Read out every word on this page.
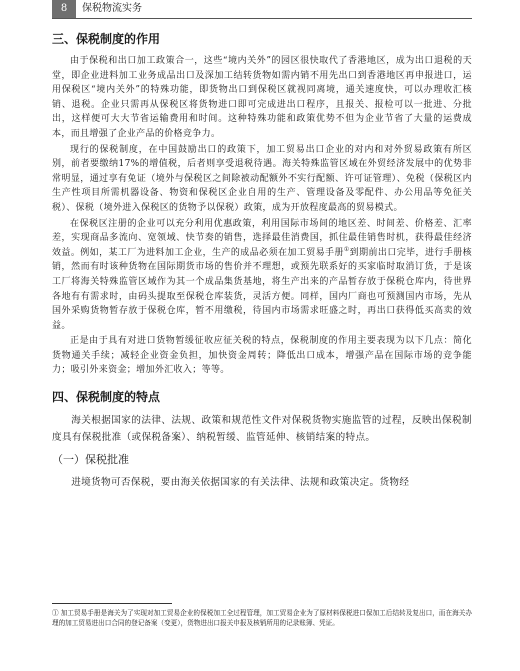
8	保税物流实务
三、保税制度的作用

由于保税和出口加工政策合一，这些“境内关外”的园区很快取代了香港地区，成为出口退税的天堂，即企业进料加工业务成品出口及深加工结转货物如需内销不用先出口到香港地区再申报进口，运用保税区“境内关外”的特殊功能，即货物出口到保税区就视同离境，通关速度快，可以办理收汇核销、退税。企业只需再从保税区将货物进口即可完成进出口程序，且报关、报检可以一批进、分批出，这样便可大大节省运输费用和时间。这种特殊功能和政策优势不但为企业节省了大量的运费成本，而且增强了企业产品的价格竞争力。

现行的保税制度，在中国鼓励出口的政策下，加工贸易出口企业的对内和对外贸易政策有所区别，前者要缴纳17%的增值税，后者则享受退税待遇。海关特殊监管区域在外贸经济发展中的优势非常明显，通过享有免证（境外与保税区之间除被动配额外不实行配额、许可证管理）、免税（保税区内生产性项目所需机器设备、物资和保税区企业自用的生产、管理设备及零配件、办公用品等免征关税）、保税（境外进入保税区的货物予以保税）政策，成为开放程度最高的贸易模式。

在保税区注册的企业可以充分利用优惠政策，利用国际市场间的地区差、时间差、价格差、汇率差，实现商品多流向、宽领域、快节奏的销售，选择最佳消费国，抓住最佳销售时机，获得最佳经济效益。例如，某工厂为进料加工企业，生产的成品必须在加工贸易手册①到期前出口完毕，进行手册核销，然而有时该种货物在国际期货市场的售价并不理想，或预先联系好的买家临时取消订货，于是该工厂将海关特殊监管区域作为其一个成品集货基地，将生产出来的产品暂存放于保税仓库内，待世界各地有有需求时，由码头提取至保税仓库装货，灵活方便。同样，国内厂商也可预测国内市场，先从国外采购货物暂存放于保税仓库，暂不用缴税，待国内市场需求旺盛之时，再出口获得低买高卖的效益。

正是由于具有对进口货物暂缓征收应征关税的特点，保税制度的作用主要表现为以下几点：简化货物通关手续；减轻企业资金负担，加快资金周转；降低出口成本，增强产品在国际市场的竞争能力；吸引外来资金；增加外汇收入；等等。

四、保税制度的特点

海关根据国家的法律、法规、政策和规范性文件对保税货物实施监管的过程，反映出保税制度具有保税批准（或保税备案）、纳税暂缓、监管延伸、核销结案的特点。

（一）保税批准

进境货物可否保税，要由海关依据国家的有关法律、法规和政策决定。货物经

① 加工贸易手册是海关为了实现对加工贸易企业的保税加工全过程管理，加工贸易企业为了原材料保税进口保加工后结转及复出口，而在海关办理的加工贸易进出口合同的登记备案（变更），货物进出口报关申报及核销所用的记录账簿、凭证。
